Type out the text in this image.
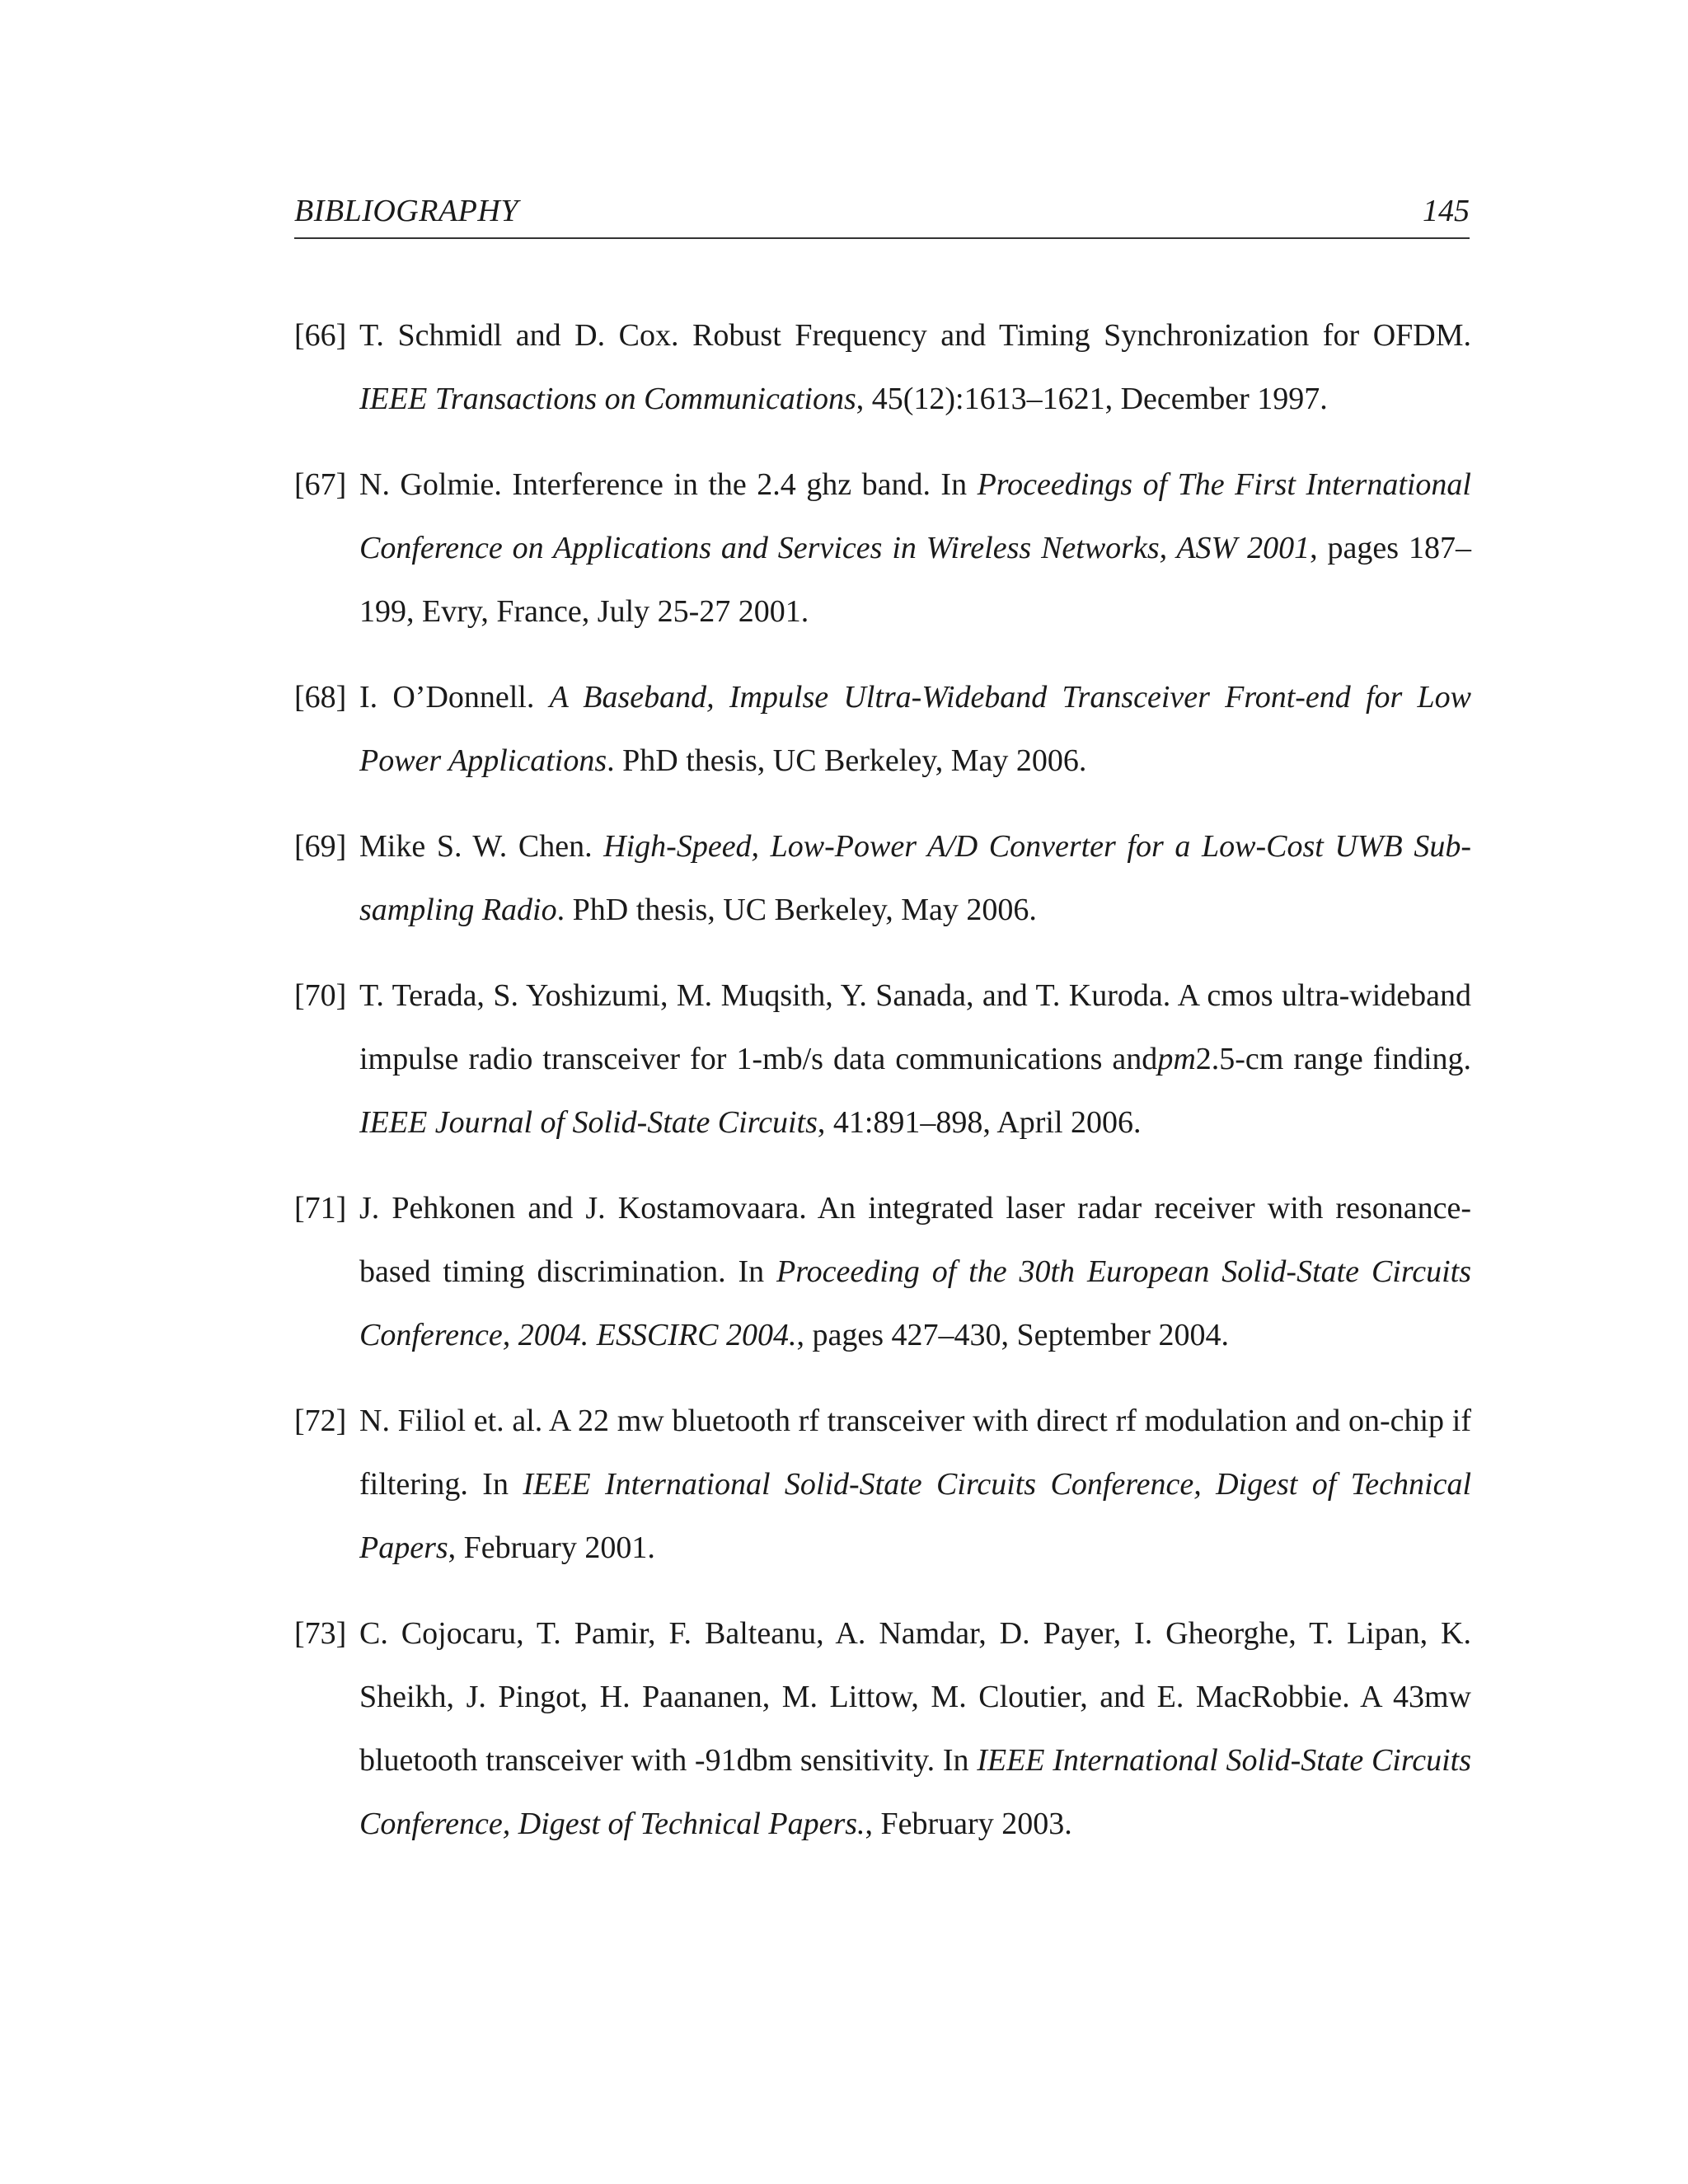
BIBLIOGRAPHY	145
[66] T. Schmidl and D. Cox. Robust Frequency and Timing Synchronization for OFDM. IEEE Transactions on Communications, 45(12):1613–1621, December 1997.
[67] N. Golmie. Interference in the 2.4 ghz band. In Proceedings of The First International Conference on Applications and Services in Wireless Networks, ASW 2001, pages 187–199, Evry, France, July 25-27 2001.
[68] I. O’Donnell. A Baseband, Impulse Ultra-Wideband Transceiver Front-end for Low Power Applications. PhD thesis, UC Berkeley, May 2006.
[69] Mike S. W. Chen. High-Speed, Low-Power A/D Converter for a Low-Cost UWB Sub-sampling Radio. PhD thesis, UC Berkeley, May 2006.
[70] T. Terada, S. Yoshizumi, M. Muqsith, Y. Sanada, and T. Kuroda. A cmos ultra-wideband impulse radio transceiver for 1-mb/s data communications andpm2.5-cm range finding. IEEE Journal of Solid-State Circuits, 41:891–898, April 2006.
[71] J. Pehkonen and J. Kostamovaara. An integrated laser radar receiver with resonance-based timing discrimination. In Proceeding of the 30th European Solid-State Circuits Conference, 2004. ESSCIRC 2004., pages 427–430, September 2004.
[72] N. Filiol et. al. A 22 mw bluetooth rf transceiver with direct rf modulation and on-chip if filtering. In IEEE International Solid-State Circuits Conference, Digest of Technical Papers, February 2001.
[73] C. Cojocaru, T. Pamir, F. Balteanu, A. Namdar, D. Payer, I. Gheorghe, T. Lipan, K. Sheikh, J. Pingot, H. Paananen, M. Littow, M. Cloutier, and E. MacRobbie. A 43mw bluetooth transceiver with -91dbm sensitivity. In IEEE International Solid-State Circuits Conference, Digest of Technical Papers., February 2003.
